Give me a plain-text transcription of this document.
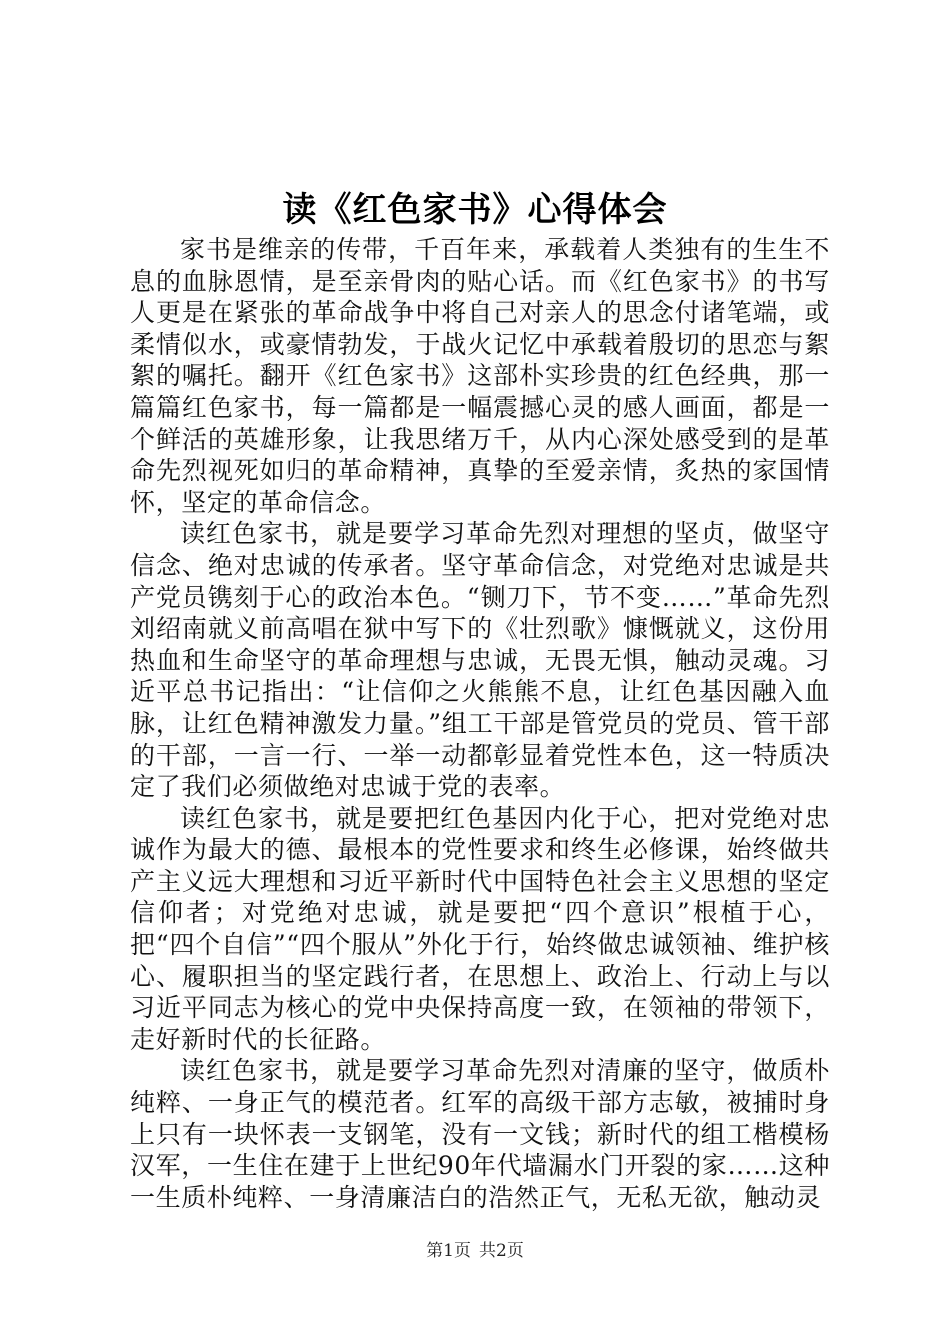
读《红色家书》心得体会

家书是维亲的传带，千百年来，承载着人类独有的生生不息的血脉恩情，是至亲骨肉的贴心话。而《红色家书》的书写人更是在紧张的革命战争中将自己对亲人的思念付诸笔端，或柔情似水，或豪情勃发，于战火记忆中承载着殷切的思恋与絮絮的嘱托。翻开《红色家书》这部朴实珍贵的红色经典，那一篇篇红色家书，每一篇都是一幅震撼心灵的感人画面，都是一个鲜活的英雄形象，让我思绪万千，从内心深处感受到的是革命先烈视死如归的革命精神，真挚的至爱亲情，炙热的家国情怀，坚定的革命信念。

读红色家书，就是要学习革命先烈对理想的坚贞，做坚守信念、绝对忠诚的传承者。坚守革命信念，对党绝对忠诚是共产党员镌刻于心的政治本色。“铡刀下，节不变……”革命先烈刘绍南就义前高唱在狱中写下的《壮烈歌》慷慨就义，这份用热血和生命坚守的革命理想与忠诚，无畏无惧，触动灵魂。习近平总书记指出：“让信仰之火熊熊不息，让红色基因融入血脉，让红色精神激发力量。”组工干部是管党员的党员、管干部的干部，一言一行、一举一动都彰显着党性本色，这一特质决定了我们必须做绝对忠诚于党的表率。

读红色家书，就是要把红色基因内化于心，把对党绝对忠诚作为最大的德、最根本的党性要求和终生必修课，始终做共产主义远大理想和习近平新时代中国特色社会主义思想的坚定信仰者；对党绝对忠诚，就是要把“四个意识”根植于心，把“四个自信”“四个服从”外化于行，始终做忠诚领袖、维护核心、履职担当的坚定践行者，在思想上、政治上、行动上与以习近平同志为核心的党中央保持高度一致，在领袖的带领下，走好新时代的长征路。

读红色家书，就是要学习革命先烈对清廉的坚守，做质朴纯粹、一身正气的模范者。红军的高级干部方志敏，被捕时身上只有一块怀表一支钢笔，没有一文钱；新时代的组工楷模杨汉军，一生住在建于上世纪90年代墙漏水门开裂的家……这种一生质朴纯粹、一身清廉洁白的浩然正气，无私无欲，触动灵

第1页 共2页
